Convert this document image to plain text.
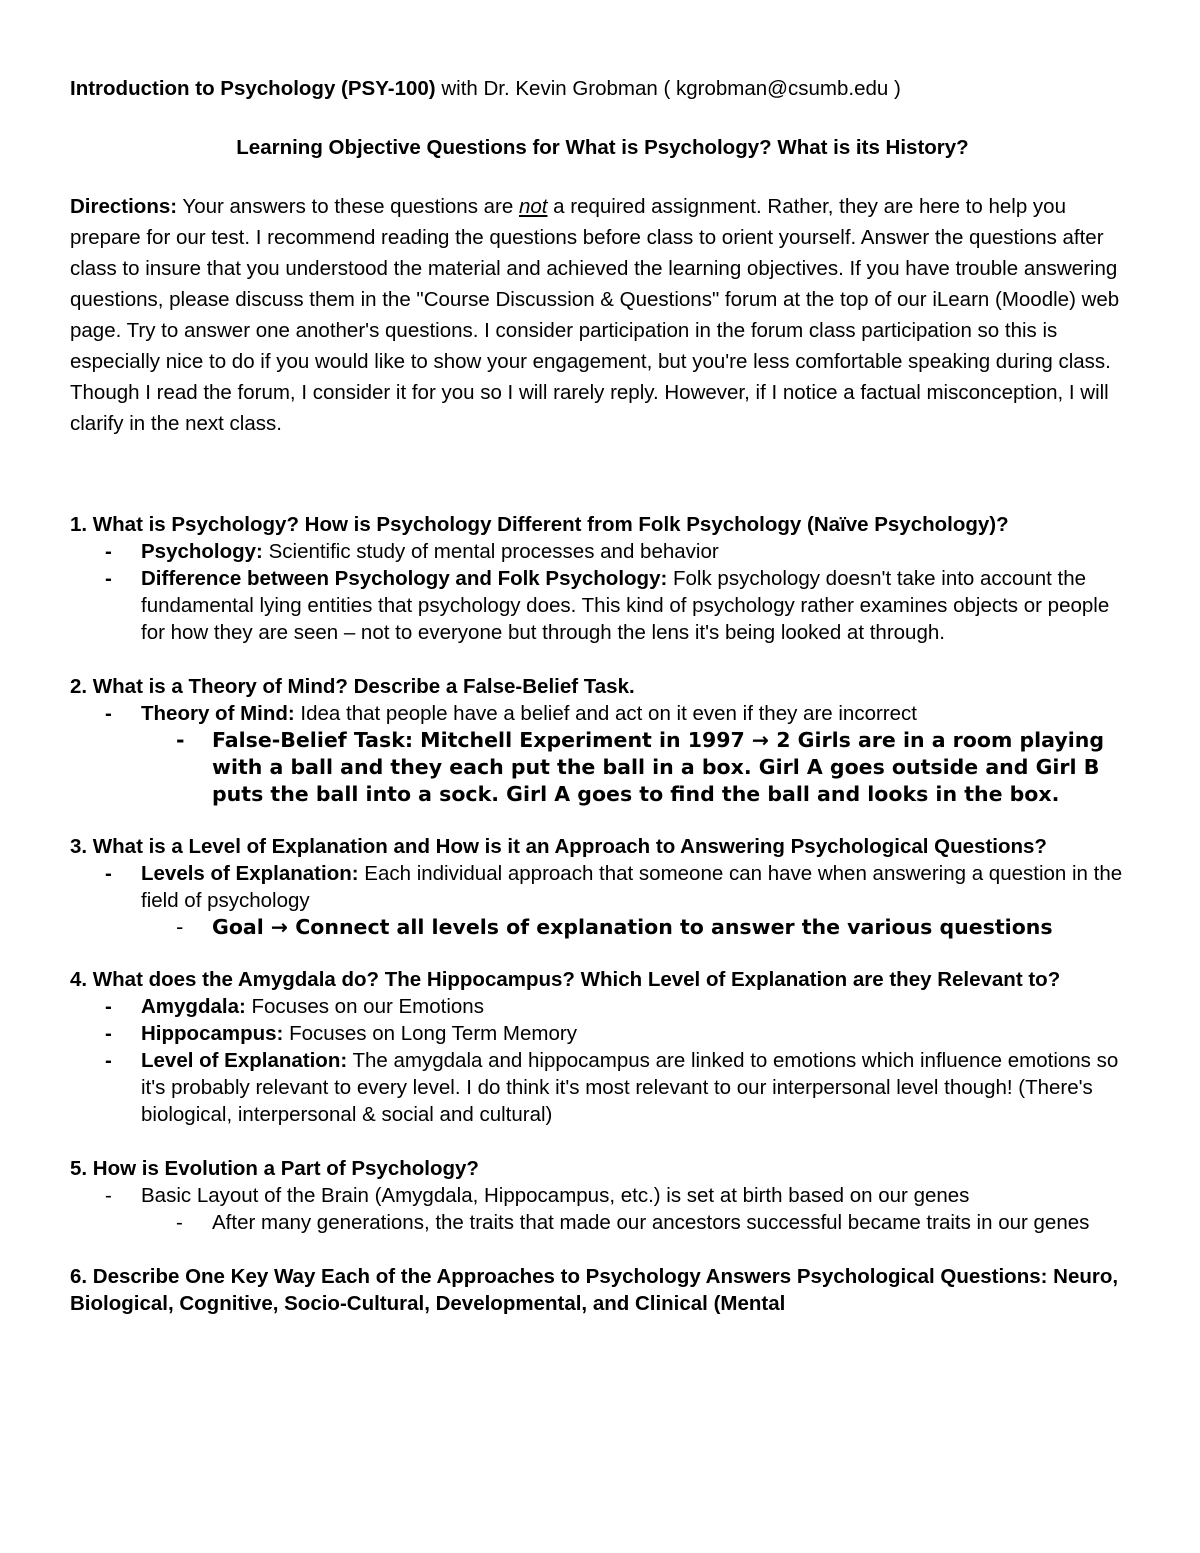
Introduction to Psychology (PSY-100) with Dr. Kevin Grobman ( kgrobman@csumb.edu )

Learning Objective Questions for What is Psychology? What is its History?

Directions: Your answers to these questions are not a required assignment. Rather, they are here to help you prepare for our test. I recommend reading the questions before class to orient yourself. Answer the questions after class to insure that you understood the material and achieved the learning objectives. If you have trouble answering questions, please discuss them in the "Course Discussion & Questions" forum at the top of our iLearn (Moodle) web page. Try to answer one another's questions. I consider participation in the forum class participation so this is especially nice to do if you would like to show your engagement, but you're less comfortable speaking during class. Though I read the forum, I consider it for you so I will rarely reply. However, if I notice a factual misconception, I will clarify in the next class.

1. What is Psychology? How is Psychology Different from Folk Psychology (Naïve Psychology)?

- Psychology: Scientific study of mental processes and behavior
- Difference between Psychology and Folk Psychology: Folk psychology doesn't take into account the fundamental lying entities that psychology does. This kind of psychology rather examines objects or people for how they are seen – not to everyone but through the lens it's being looked at through.

2. What is a Theory of Mind? Describe a False-Belief Task.

- Theory of Mind: Idea that people have a belief and act on it even if they are incorrect
- False-Belief Task: Mitchell Experiment in 1997 → 2 Girls are in a room playing with a ball and they each put the ball in a box. Girl A goes outside and Girl B puts the ball into a sock. Girl A goes to find the ball and looks in the box.

3. What is a Level of Explanation and How is it an Approach to Answering Psychological Questions?

- Levels of Explanation: Each individual approach that someone can have when answering a question in the field of psychology
- Goal → Connect all levels of explanation to answer the various questions

4. What does the Amygdala do? The Hippocampus? Which Level of Explanation are they Relevant to?

- Amygdala: Focuses on our Emotions
- Hippocampus: Focuses on Long Term Memory
- Level of Explanation: The amygdala and hippocampus are linked to emotions which influence emotions so it's probably relevant to every level. I do think it's most relevant to our interpersonal level though! (There's biological, interpersonal & social and cultural)

5. How is Evolution a Part of Psychology?

- Basic Layout of the Brain (Amygdala, Hippocampus, etc.) is set at birth based on our genes
- After many generations, the traits that made our ancestors successful became traits in our genes

6. Describe One Key Way Each of the Approaches to Psychology Answers Psychological Questions: Neuro, Biological, Cognitive, Socio-Cultural, Developmental, and Clinical (Mental
